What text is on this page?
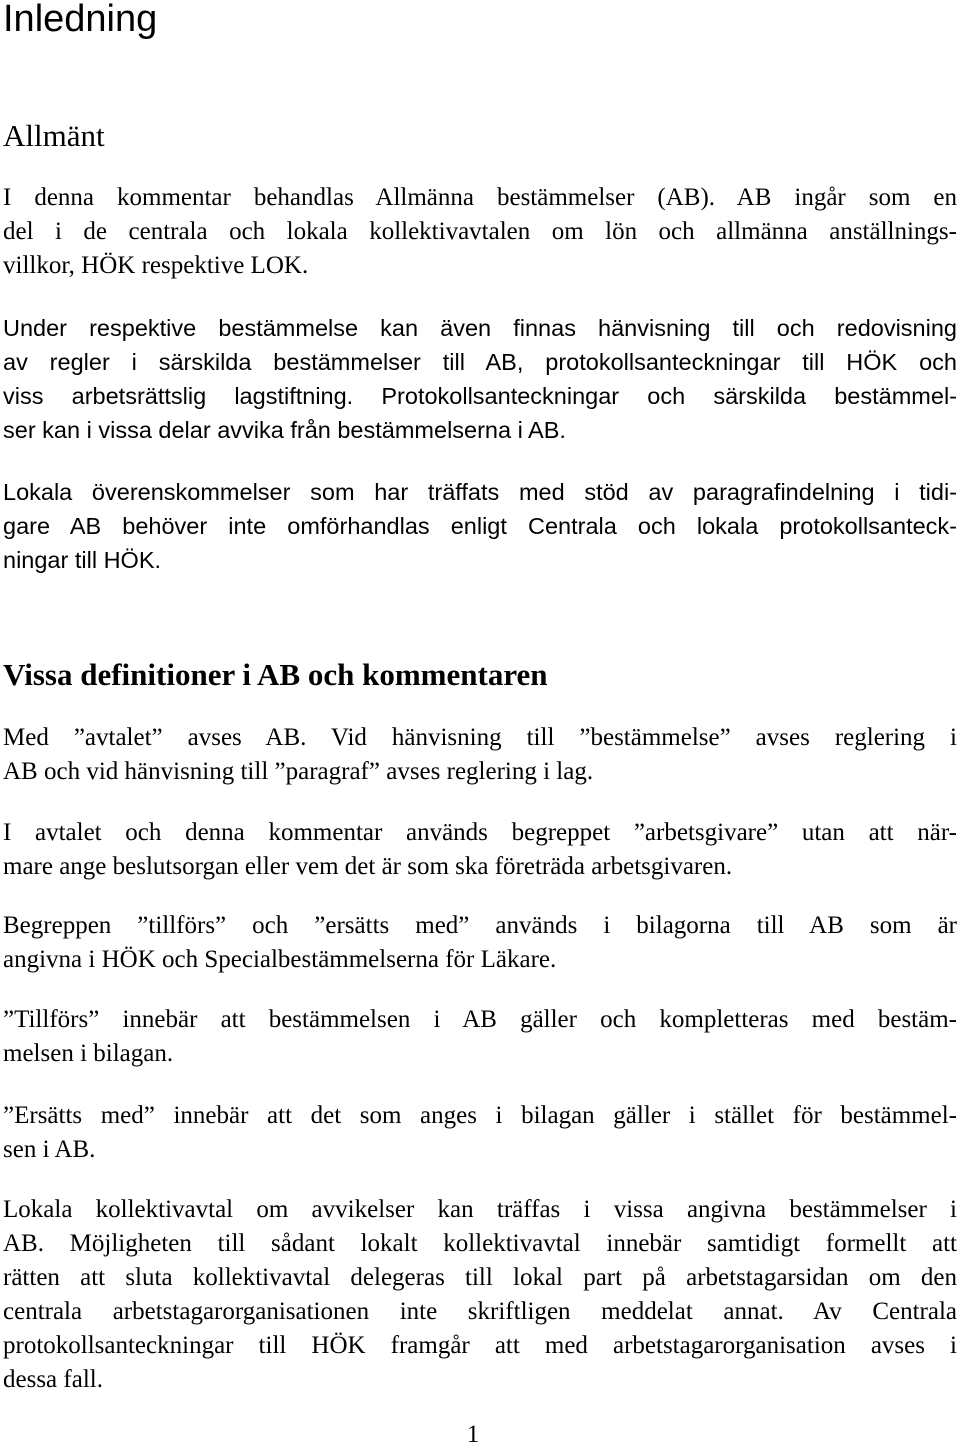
Inledning
Allmänt

I denna kommentar behandlas Allmänna bestämmelser (AB). AB ingår som en
del i de centrala och lokala kollektivavtalen om lön och allmänna anställnings-
villkor, HÖK respektive LOK.

Under respektive bestämmelse kan även finnas hänvisning till och redovisning
av regler i särskilda bestämmelser till AB, protokollsanteckningar till HÖK och
viss arbetsrättslig lagstiftning. Protokollsanteckningar och särskilda bestämmel-
ser kan i vissa delar avvika från bestämmelserna i AB.

Lokala överenskommelser som har träffats med stöd av paragrafindelning i tidi-
gare AB behöver inte omförhandlas enligt Centrala och lokala protokollsanteck-
ningar till HÖK.

Vissa definitioner i AB och kommentaren

Med ”avtalet” avses AB. Vid hänvisning till ”bestämmelse” avses reglering i
AB och vid hänvisning till ”paragraf” avses reglering i lag.

I avtalet och denna kommentar används begreppet ”arbetsgivare” utan att när-
mare ange beslutsorgan eller vem det är som ska företräda arbetsgivaren.

Begreppen ”tillförs” och ”ersätts med” används i bilagorna till AB som är
angivna i HÖK och Specialbestämmelserna för Läkare.

”Tillförs” innebär att bestämmelsen i AB gäller och kompletteras med bestäm-
melsen i bilagan.

”Ersätts med” innebär att det som anges i bilagan gäller i stället för bestämmel-
sen i AB.

Lokala kollektivavtal om avvikelser kan träffas i vissa angivna bestämmelser i
AB. Möjligheten till sådant lokalt kollektivavtal innebär samtidigt formellt att
rätten att sluta kollektivavtal delegeras till lokal part på arbetstagarsidan om den
centrala arbetstagarorganisationen inte skriftligen meddelat annat. Av Centrala
protokollsanteckningar till HÖK framgår att med arbetstagarorganisation avses i
dessa fall.

1
